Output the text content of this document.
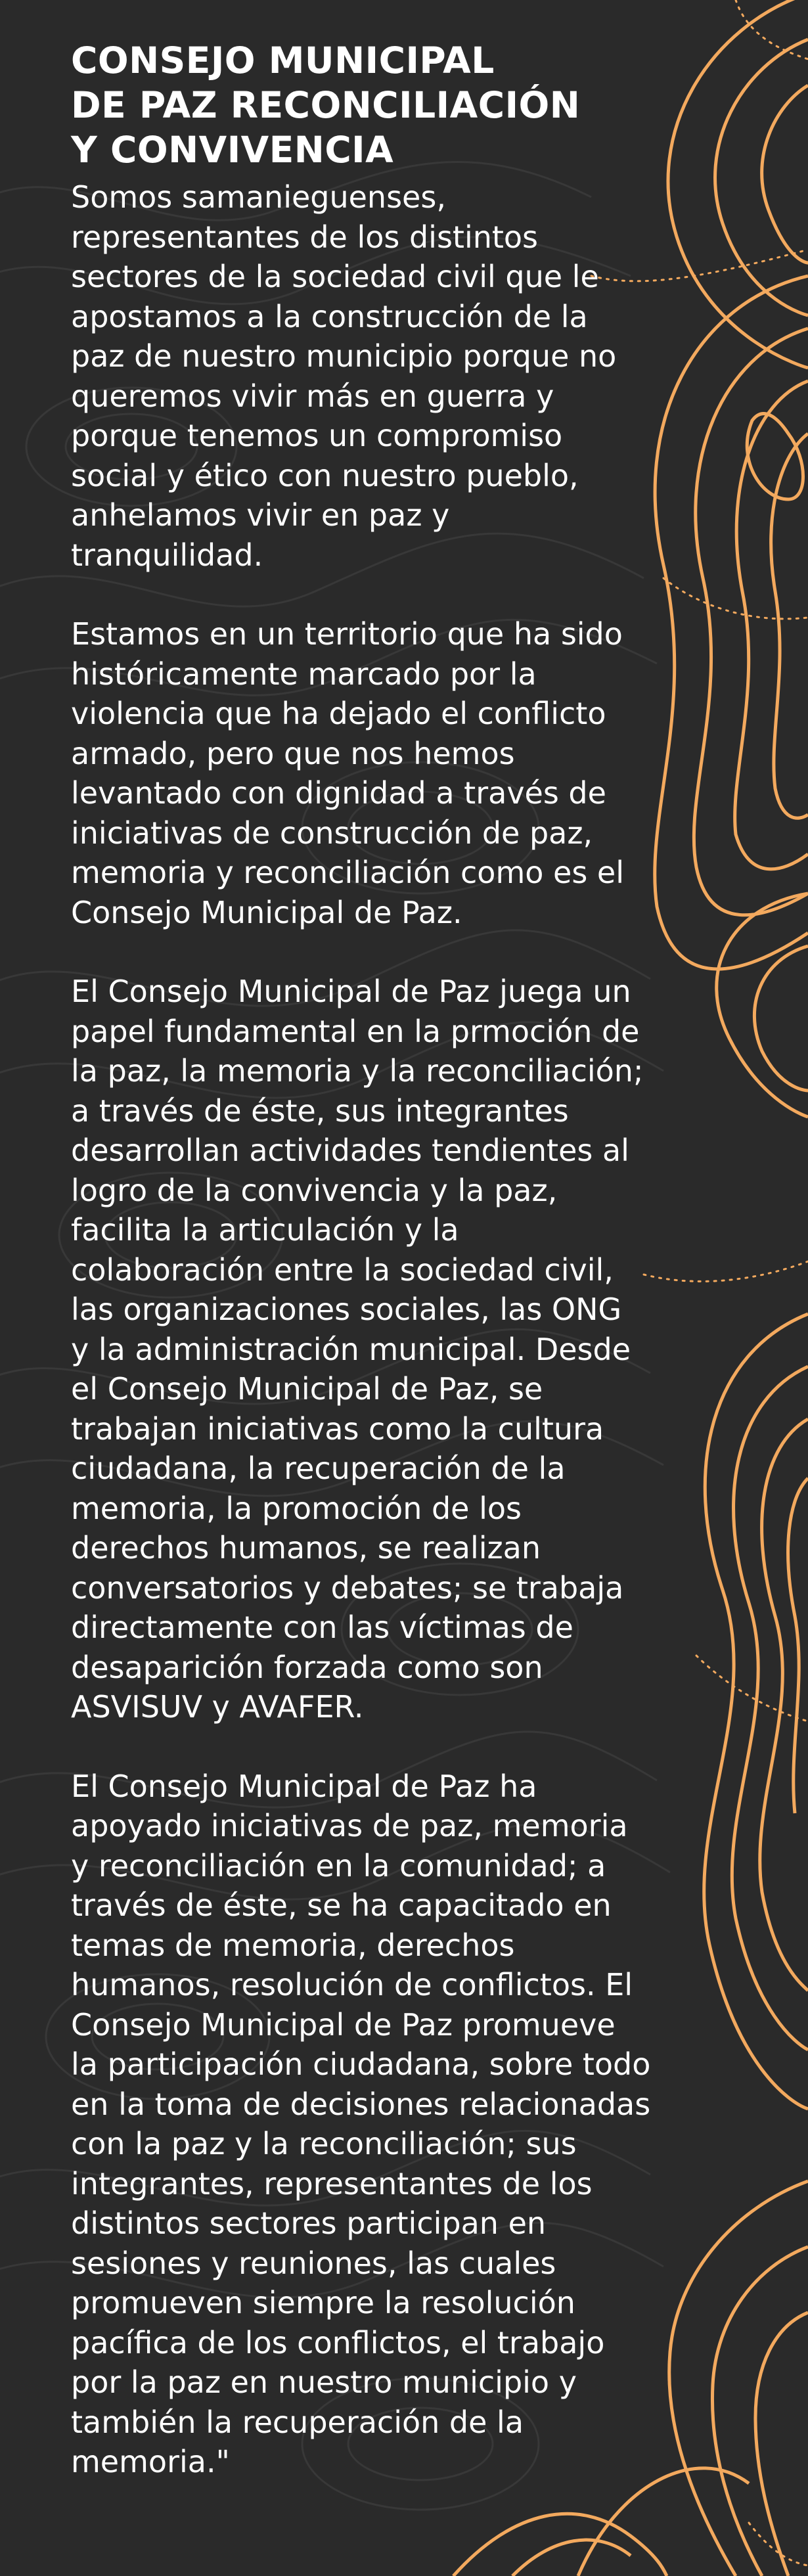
CONSEJO MUNICIPAL
DE PAZ RECONCILIACIÓN
Y CONVIVENCIA

Somos samanieguenses,
representantes de los distintos
sectores de la sociedad civil que le
apostamos a la construcción de la
paz de nuestro municipio porque no
queremos vivir más en guerra y
porque tenemos un compromiso
social y ético con nuestro pueblo,
anhelamos vivir en paz y
tranquilidad.

Estamos en un territorio que ha sido
históricamente marcado por la
violencia que ha dejado el conflicto
armado, pero que nos hemos
levantado con dignidad a través de
iniciativas de construcción de paz,
memoria y reconciliación como es el
Consejo Municipal de Paz.

El Consejo Municipal de Paz juega un
papel fundamental en la prmoción de
la paz, la memoria y la reconciliación;
a través de éste, sus integrantes
desarrollan actividades tendientes al
logro de la convivencia y la paz,
facilita la articulación y la
colaboración entre la sociedad civil,
las organizaciones sociales, las ONG
y la administración municipal. Desde
el Consejo Municipal de Paz, se
trabajan iniciativas como la cultura
ciudadana, la recuperación de la
memoria, la promoción de los
derechos humanos, se realizan
conversatorios y debates; se trabaja
directamente con las víctimas de
desaparición forzada como son
ASVISUV y AVAFER.

El Consejo Municipal de Paz ha
apoyado iniciativas de paz, memoria
y reconciliación en la comunidad; a
través de éste, se ha capacitado en
temas de memoria, derechos
humanos, resolución de conflictos. El
Consejo Municipal de Paz promueve
la participación ciudadana, sobre todo
en la toma de decisiones relacionadas
con la paz y la reconciliación; sus
integrantes, representantes de los
distintos sectores participan en
sesiones y reuniones, las cuales
promueven siempre la resolución
pacífica de los conflictos, el trabajo
por la paz en nuestro municipio y
también la recuperación de la
memoria."
